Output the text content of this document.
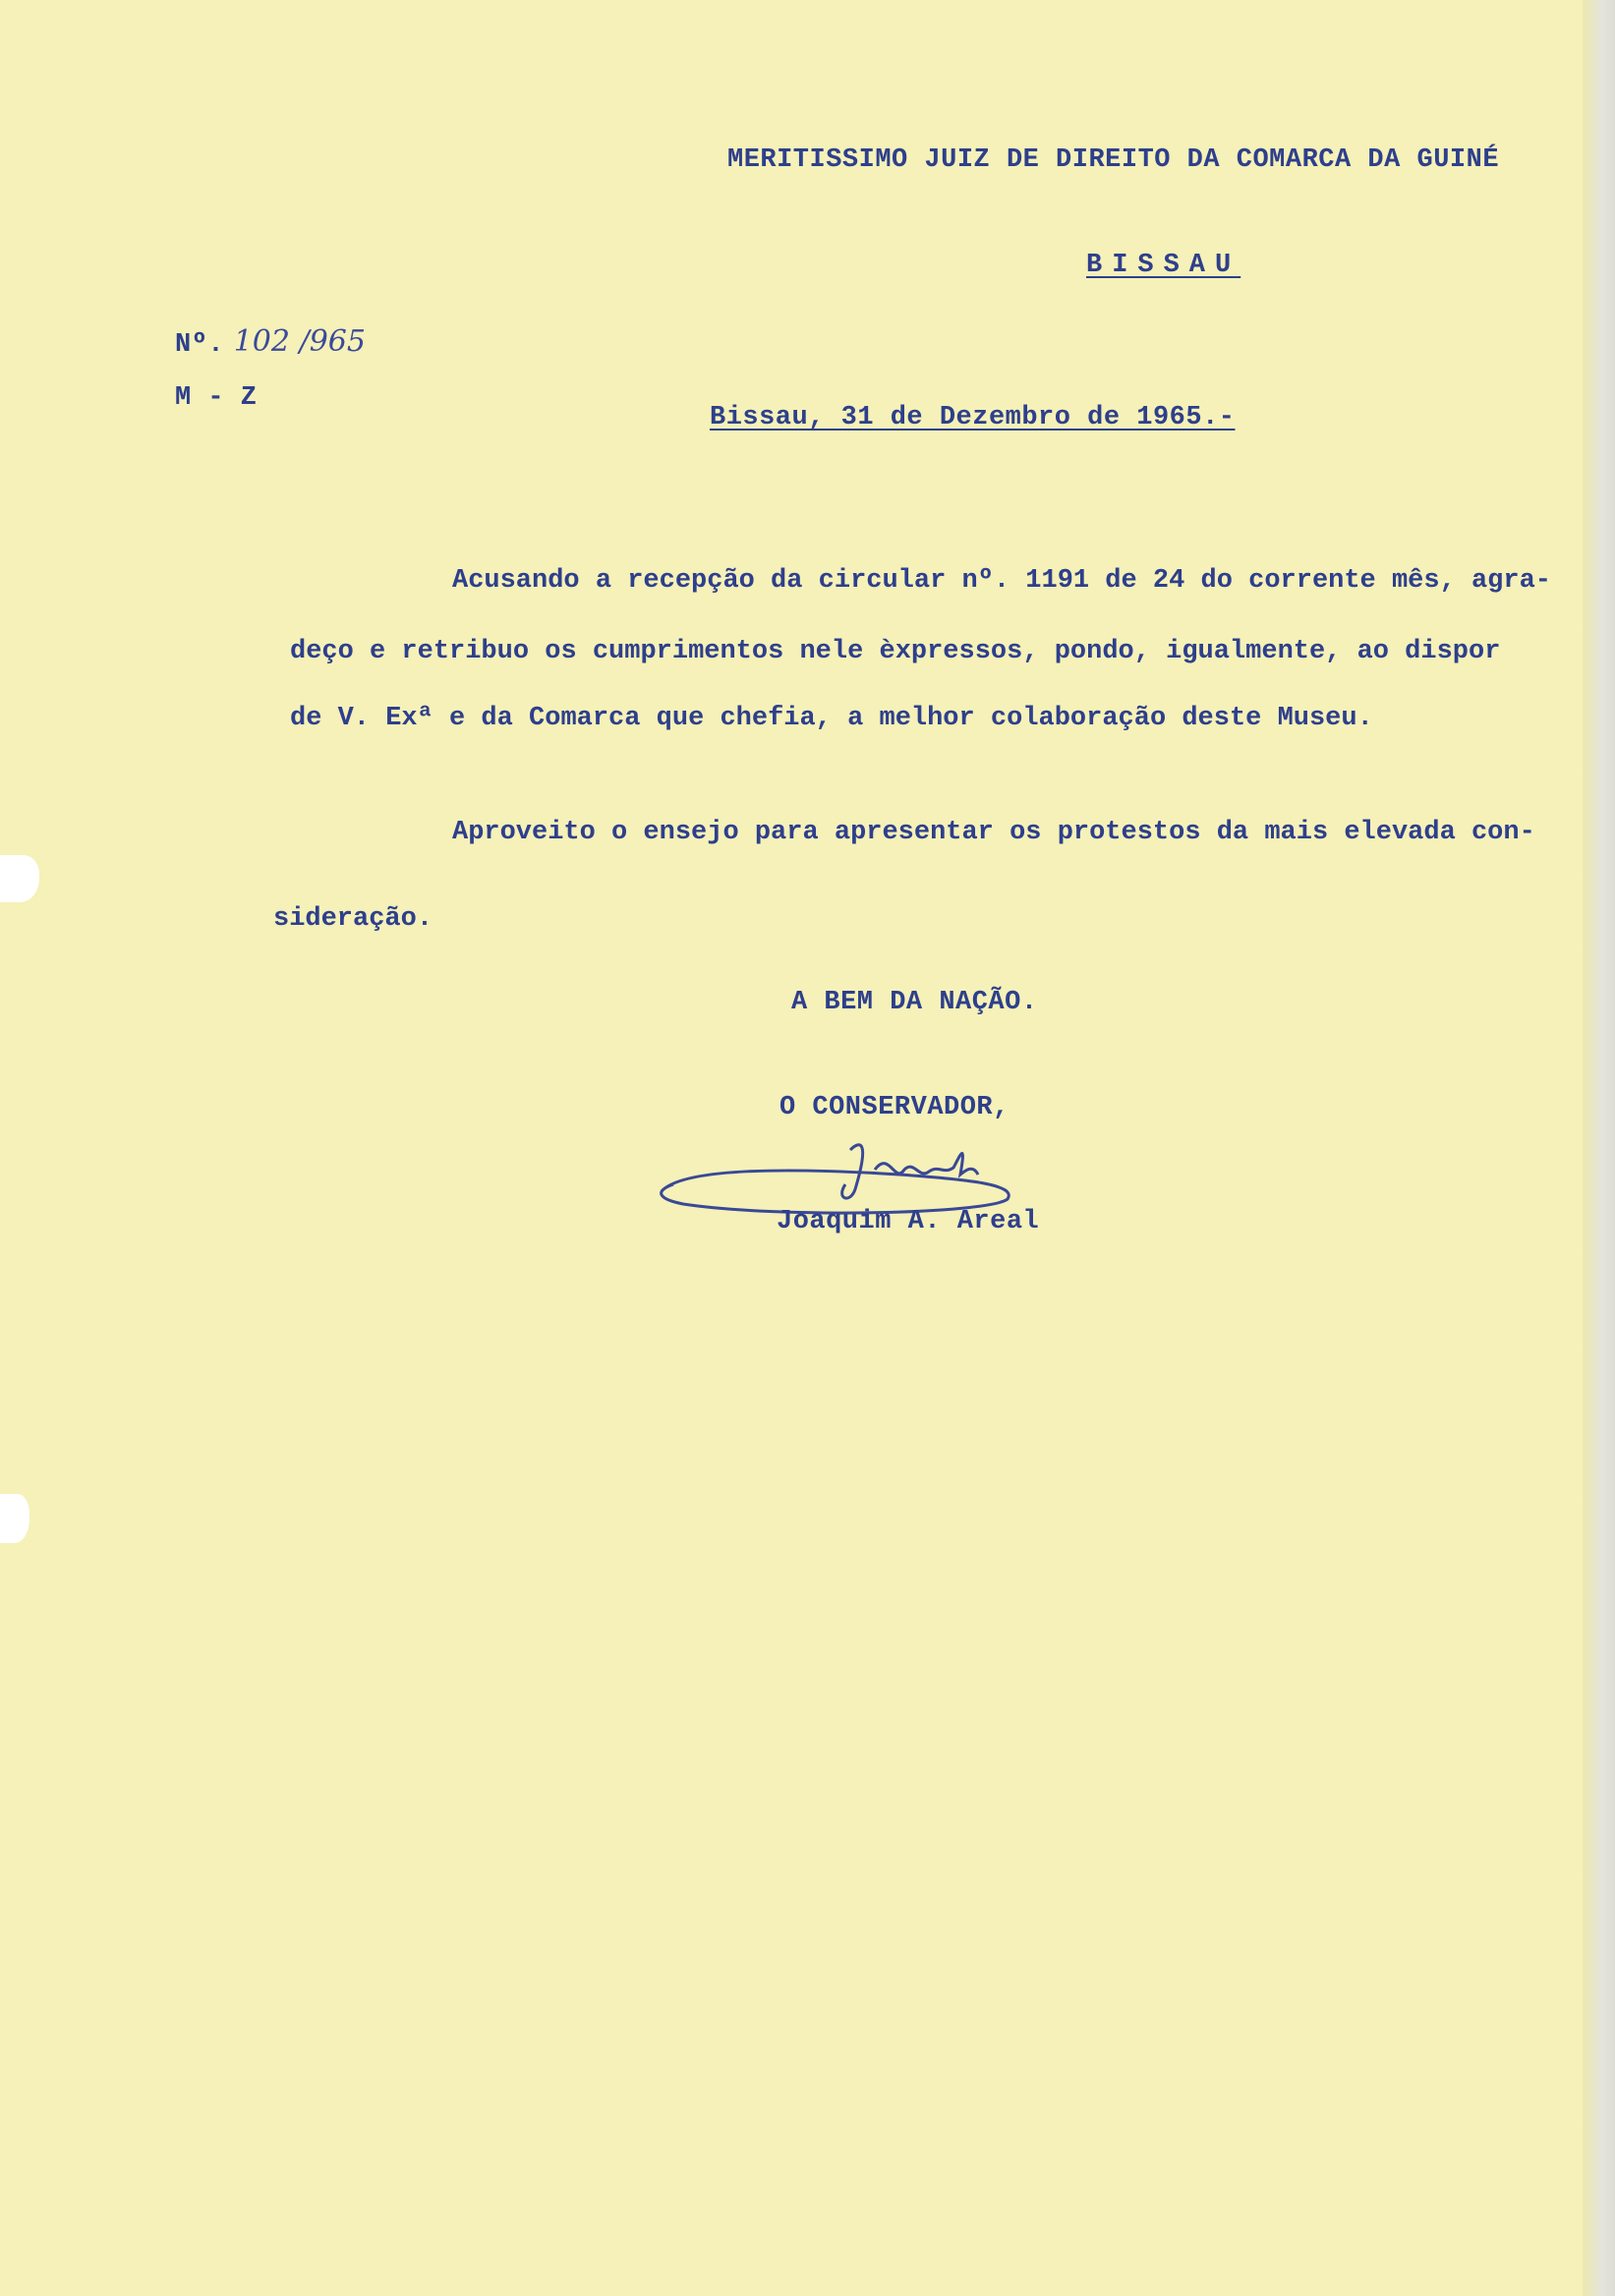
MERITISSIMO JUIZ DE DIREITO DA COMARCA DA GUINÉ

BISSAU

Nº. 102 /965

M - Z

Bissau, 31 de Dezembro de 1965.-

Acusando a recepção da circular nº. 1191 de 24 do corrente mês, agra-

deço e retribuo os cumprimentos nele èxpressos, pondo, igualmente, ao dispor

de V. Exª e da Comarca que chefia, a melhor colaboração deste Museu.

Aproveito o ensejo para apresentar os protestos da mais elevada con-

sideração.

A BEM DA NAÇÃO.

O CONSERVADOR,

Joaquim A. Areal
